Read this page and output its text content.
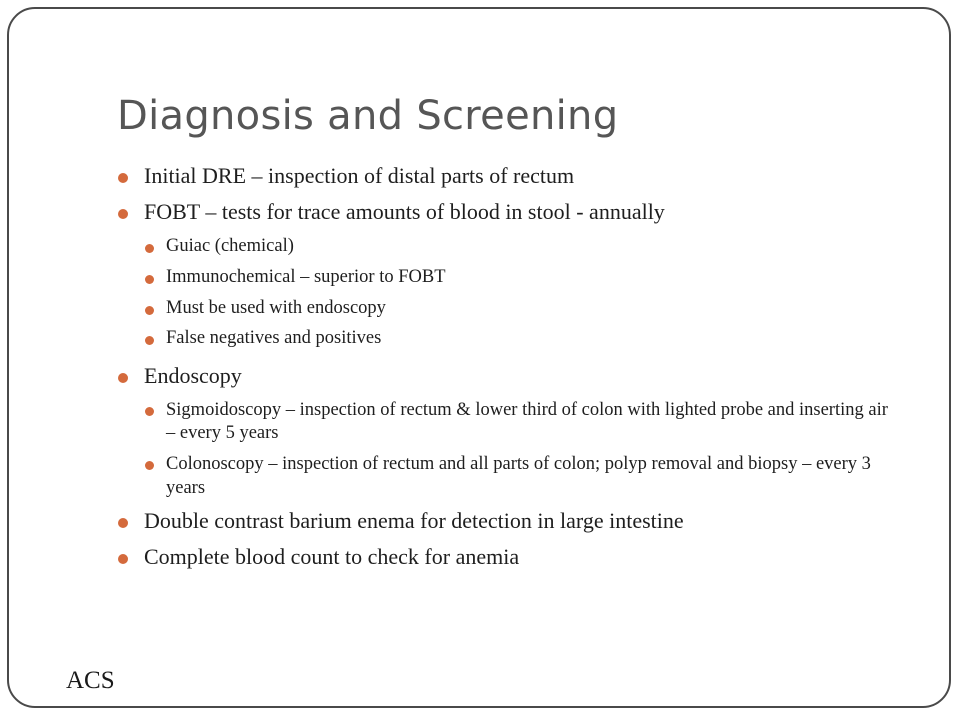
Diagnosis and Screening
Initial DRE – inspection of distal parts of rectum
FOBT – tests for trace amounts of blood in stool - annually
Guiac (chemical)
Immunochemical – superior to FOBT
Must be used with endoscopy
False negatives and positives
Endoscopy
Sigmoidoscopy – inspection of rectum & lower third of colon with lighted probe and inserting air – every 5 years
Colonoscopy – inspection of rectum and all parts of colon; polyp removal and biopsy – every 3 years
Double contrast barium enema for detection in large intestine
Complete blood count to check for anemia
ACS
